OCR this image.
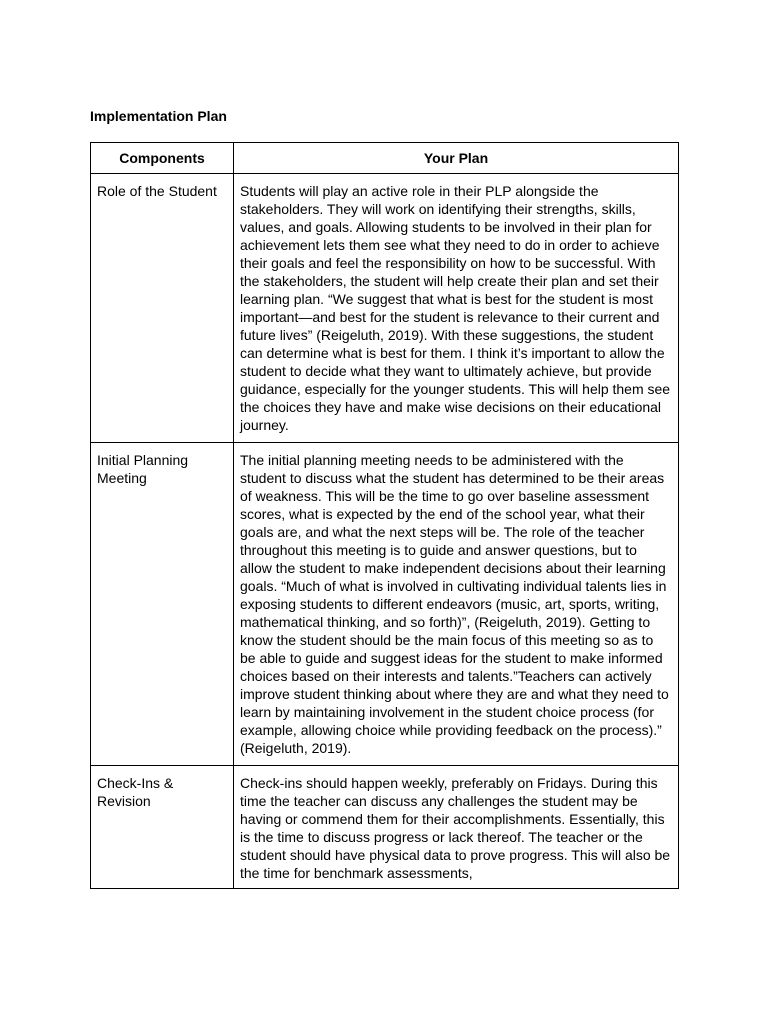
Implementation Plan
Components	Your Plan
Role of the Student	Students will play an active role in their PLP alongside the stakeholders. They will work on identifying their strengths, skills, values, and goals. Allowing students to be involved in their plan for achievement lets them see what they need to do in order to achieve their goals and feel the responsibility on how to be successful. With the stakeholders, the student will help create their plan and set their learning plan. “We suggest that what is best for the student is most important—and best for the student is relevance to their current and future lives” (Reigeluth, 2019). With these suggestions, the student can determine what is best for them. I think it’s important to allow the student to decide what they want to ultimately achieve, but provide guidance, especially for the younger students. This will help them see the choices they have and make wise decisions on their educational journey.
Initial Planning Meeting	The initial planning meeting needs to be administered with the student to discuss what the student has determined to be their areas of weakness. This will be the time to go over baseline assessment scores, what is expected by the end of the school year, what their goals are, and what the next steps will be. The role of the teacher throughout this meeting is to guide and answer questions, but to allow the student to make independent decisions about their learning goals. “Much of what is involved in cultivating individual talents lies in exposing students to different endeavors (music, art, sports, writing, mathematical thinking, and so forth)”, (Reigeluth, 2019). Getting to know the student should be the main focus of this meeting so as to be able to guide and suggest ideas for the student to make informed choices based on their interests and talents.”Teachers can actively improve student thinking about where they are and what they need to learn by maintaining involvement in the student choice process (for example, allowing choice while providing feedback on the process).” (Reigeluth, 2019).
Check-Ins & Revision	Check-ins should happen weekly, preferably on Fridays. During this time the teacher can discuss any challenges the student may be having or commend them for their accomplishments. Essentially, this is the time to discuss progress or lack thereof. The teacher or the student should have physical data to prove progress. This will also be the time for benchmark assessments,
